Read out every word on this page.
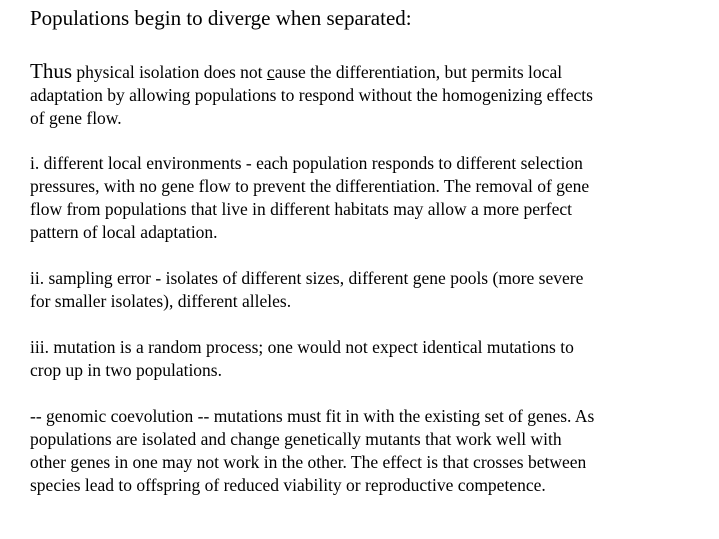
Populations begin to diverge when separated:
Thus physical isolation does not cause the differentiation, but permits local
adaptation by allowing populations to respond without the homogenizing effects
of gene flow.
i. different local environments - each population responds to different selection
pressures, with no gene flow to prevent the differentiation. The removal of gene
flow from populations that live in different habitats may allow a more perfect
pattern of local adaptation.
ii. sampling error - isolates of different sizes, different gene pools (more severe
for smaller isolates), different alleles.
iii. mutation is a random process; one would not expect identical mutations to
crop up in two populations.
-- genomic coevolution -- mutations must fit in with the existing set of genes. As
populations are isolated and change genetically mutants that work well with
other genes in one may not work in the other. The effect is that crosses between
species lead to offspring of reduced viability or reproductive competence.
